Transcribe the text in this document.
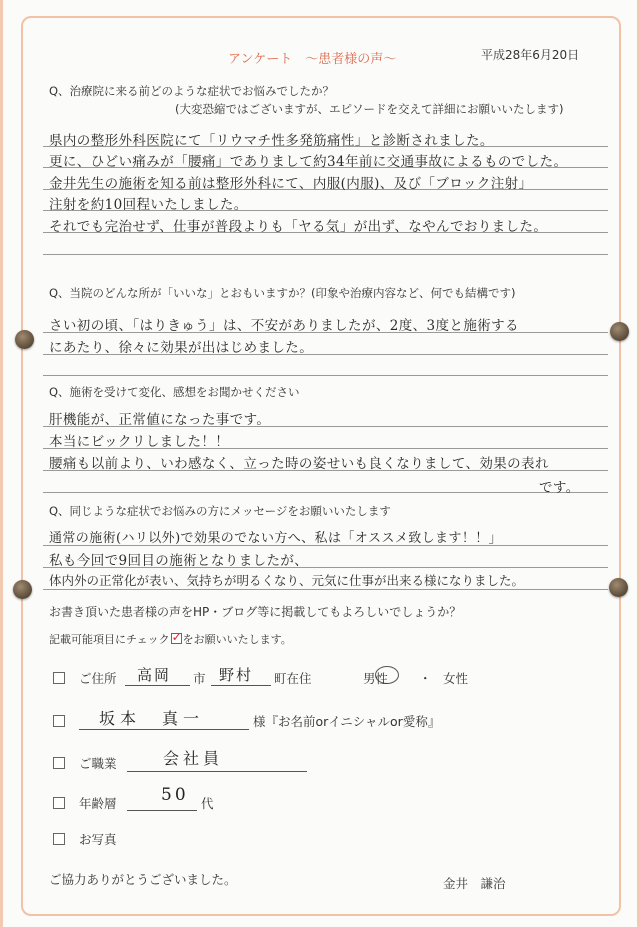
アンケート　〜患者様の声〜	平成28年6月20日
Q、治療院に来る前どのような症状でお悩みでしたか？
(大変恐縮ではございますが、エピソードを交えて詳細にお願いいたします)
県内の整形外科医院にて「リウマチ性多発筋痛性」と診断されました。
更に、ひどい痛みが「腰痛」でありまして約34年前に交通事故によるものでした。
金井先生の施術を知る前は整形外科にて、内服(内服)、及び「ブロック注射」
注射を約10回程いたしました。
それでも完治せず、仕事が普段よりも「ヤる気」が出ず、なやんでおりました。
Q、当院のどんな所が「いいな」とおもいますか？(印象や治療内容など、何でも結構です)
さい初の頃、「はりきゅう」は、不安がありましたが、2度、3度と施術する
にあたり、徐々に効果が出はじめました。
Q、施術を受けて変化、感想をお聞かせください
肝機能が、正常値になった事です。
本当にビックリしました！！
腰痛も以前より、いわ感なく、立った時の姿せいも良くなりまして、効果の表れ
です。
Q、同じような症状でお悩みの方にメッセージをお願いいたします
通常の施術(ハリ以外)で効果のでない方へ、私は「オススメ致します！！」
私も今回で9回目の施術となりましたが、
体内外の正常化が表い、気持ちが明るくなり、元気に仕事が出来る様になりました。
お書き頂いた患者様の声をHP・ブログ等に掲載してもよろしいでしょうか？
記載可能項目にチェック ✓ をお願いいたします。
ご住所 高岡 市 野村 町在住	男性 ・ 女性
坂本　真一	様『お名前orイニシャルor愛称』
ご職業	会社員
年齢層	50 代
お写真
ご協力ありがとうございました。	金井　謙治
